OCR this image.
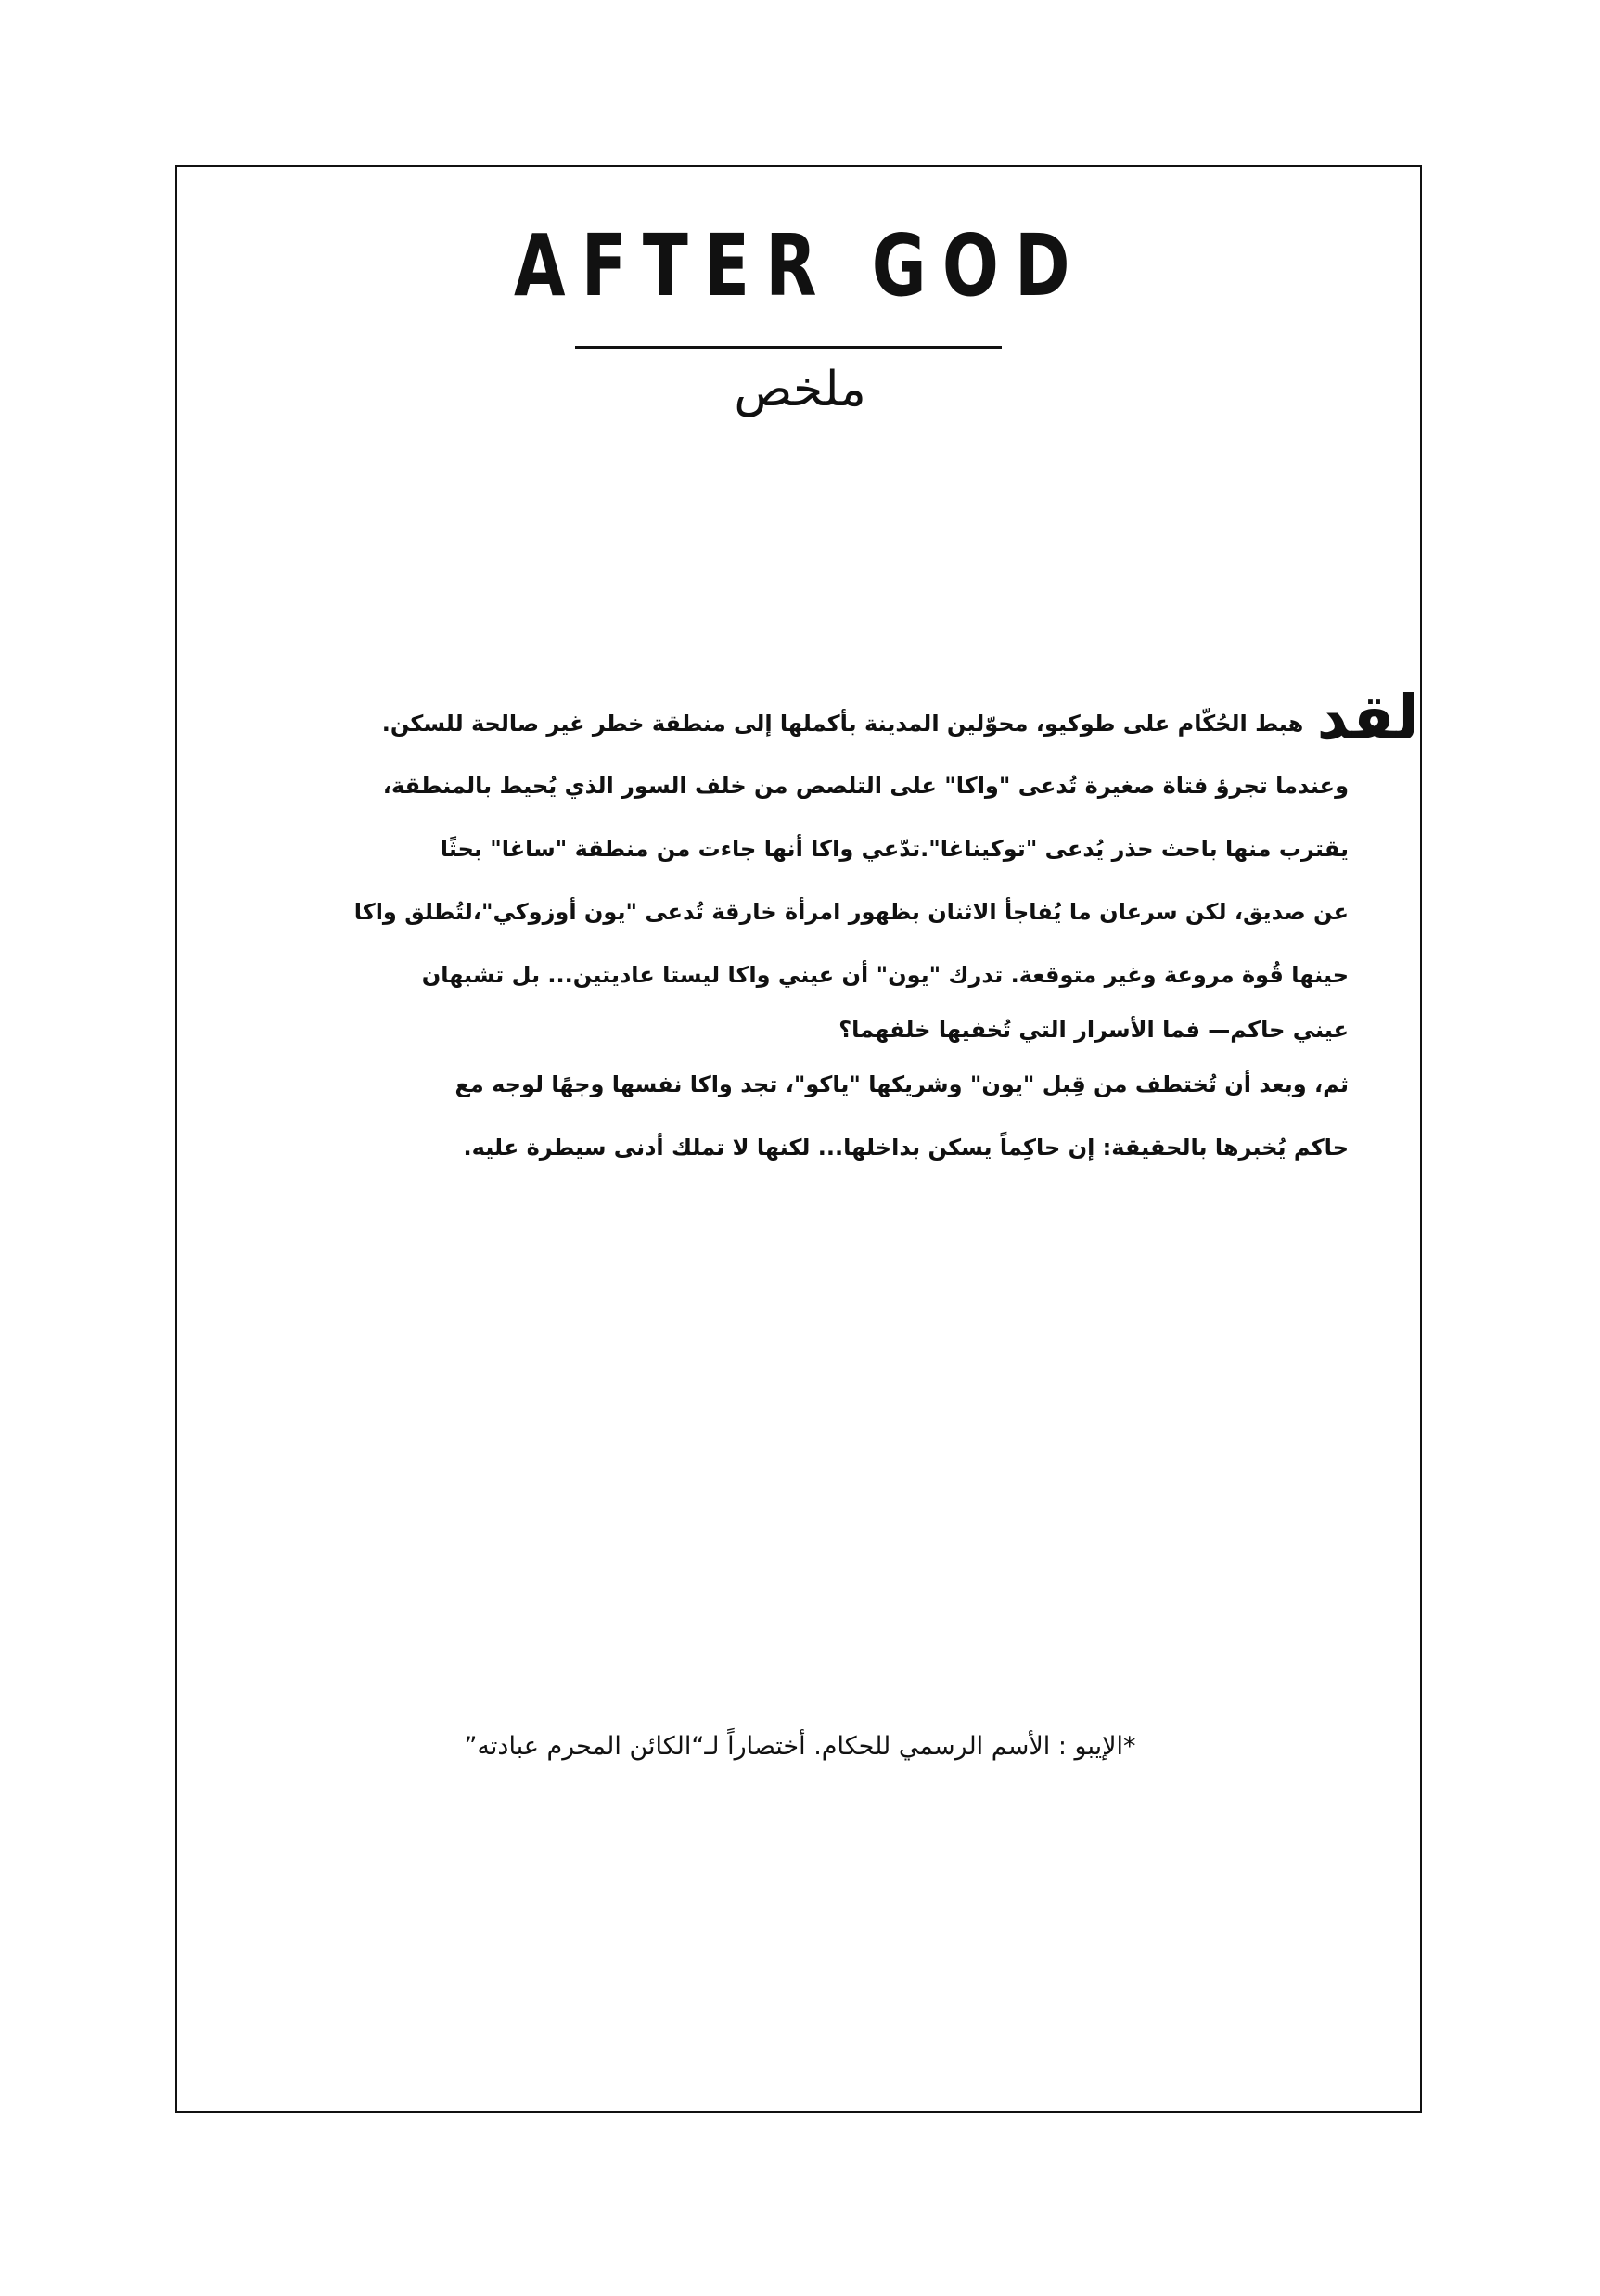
AFTER GOD
ملخص
لقد هبط الحُكّام على طوكيو، محوّلين المدينة بأكملها إلى منطقة خطر غير صالحة للسكن.
وعندما تجرؤ فتاة صغيرة تُدعى "واكا" على التلصص من خلف السور الذي يُحيط بالمنطقة،
يقترب منها باحث حذر يُدعى "توكيناغا".تدّعي واكا أنها جاءت من منطقة "ساغا" بحثًا
عن صديق، لكن سرعان ما يُفاجأ الاثنان بظهور امرأة خارقة تُدعى "يون أوزوكي"،لتُطلق واكا
حينها قُوة مروعة وغير متوقعة. تدرك "يون" أن عيني واكا ليستا عاديتين... بل تشبهان
عيني حاكم— فما الأسرار التي تُخفيها خلفهما؟
ثم، وبعد أن تُختطف من قِبل "يون" وشريكها "ياكو"، تجد واكا نفسها وجهًا لوجه مع
حاكم يُخبرها بالحقيقة: إن حاكِماً يسكن بداخلها... لكنها لا تملك أدنى سيطرة عليه.
*الإيبو : الأسم الرسمي للحكام. أختصاراً لـ“الكائن المحرم عبادته”
